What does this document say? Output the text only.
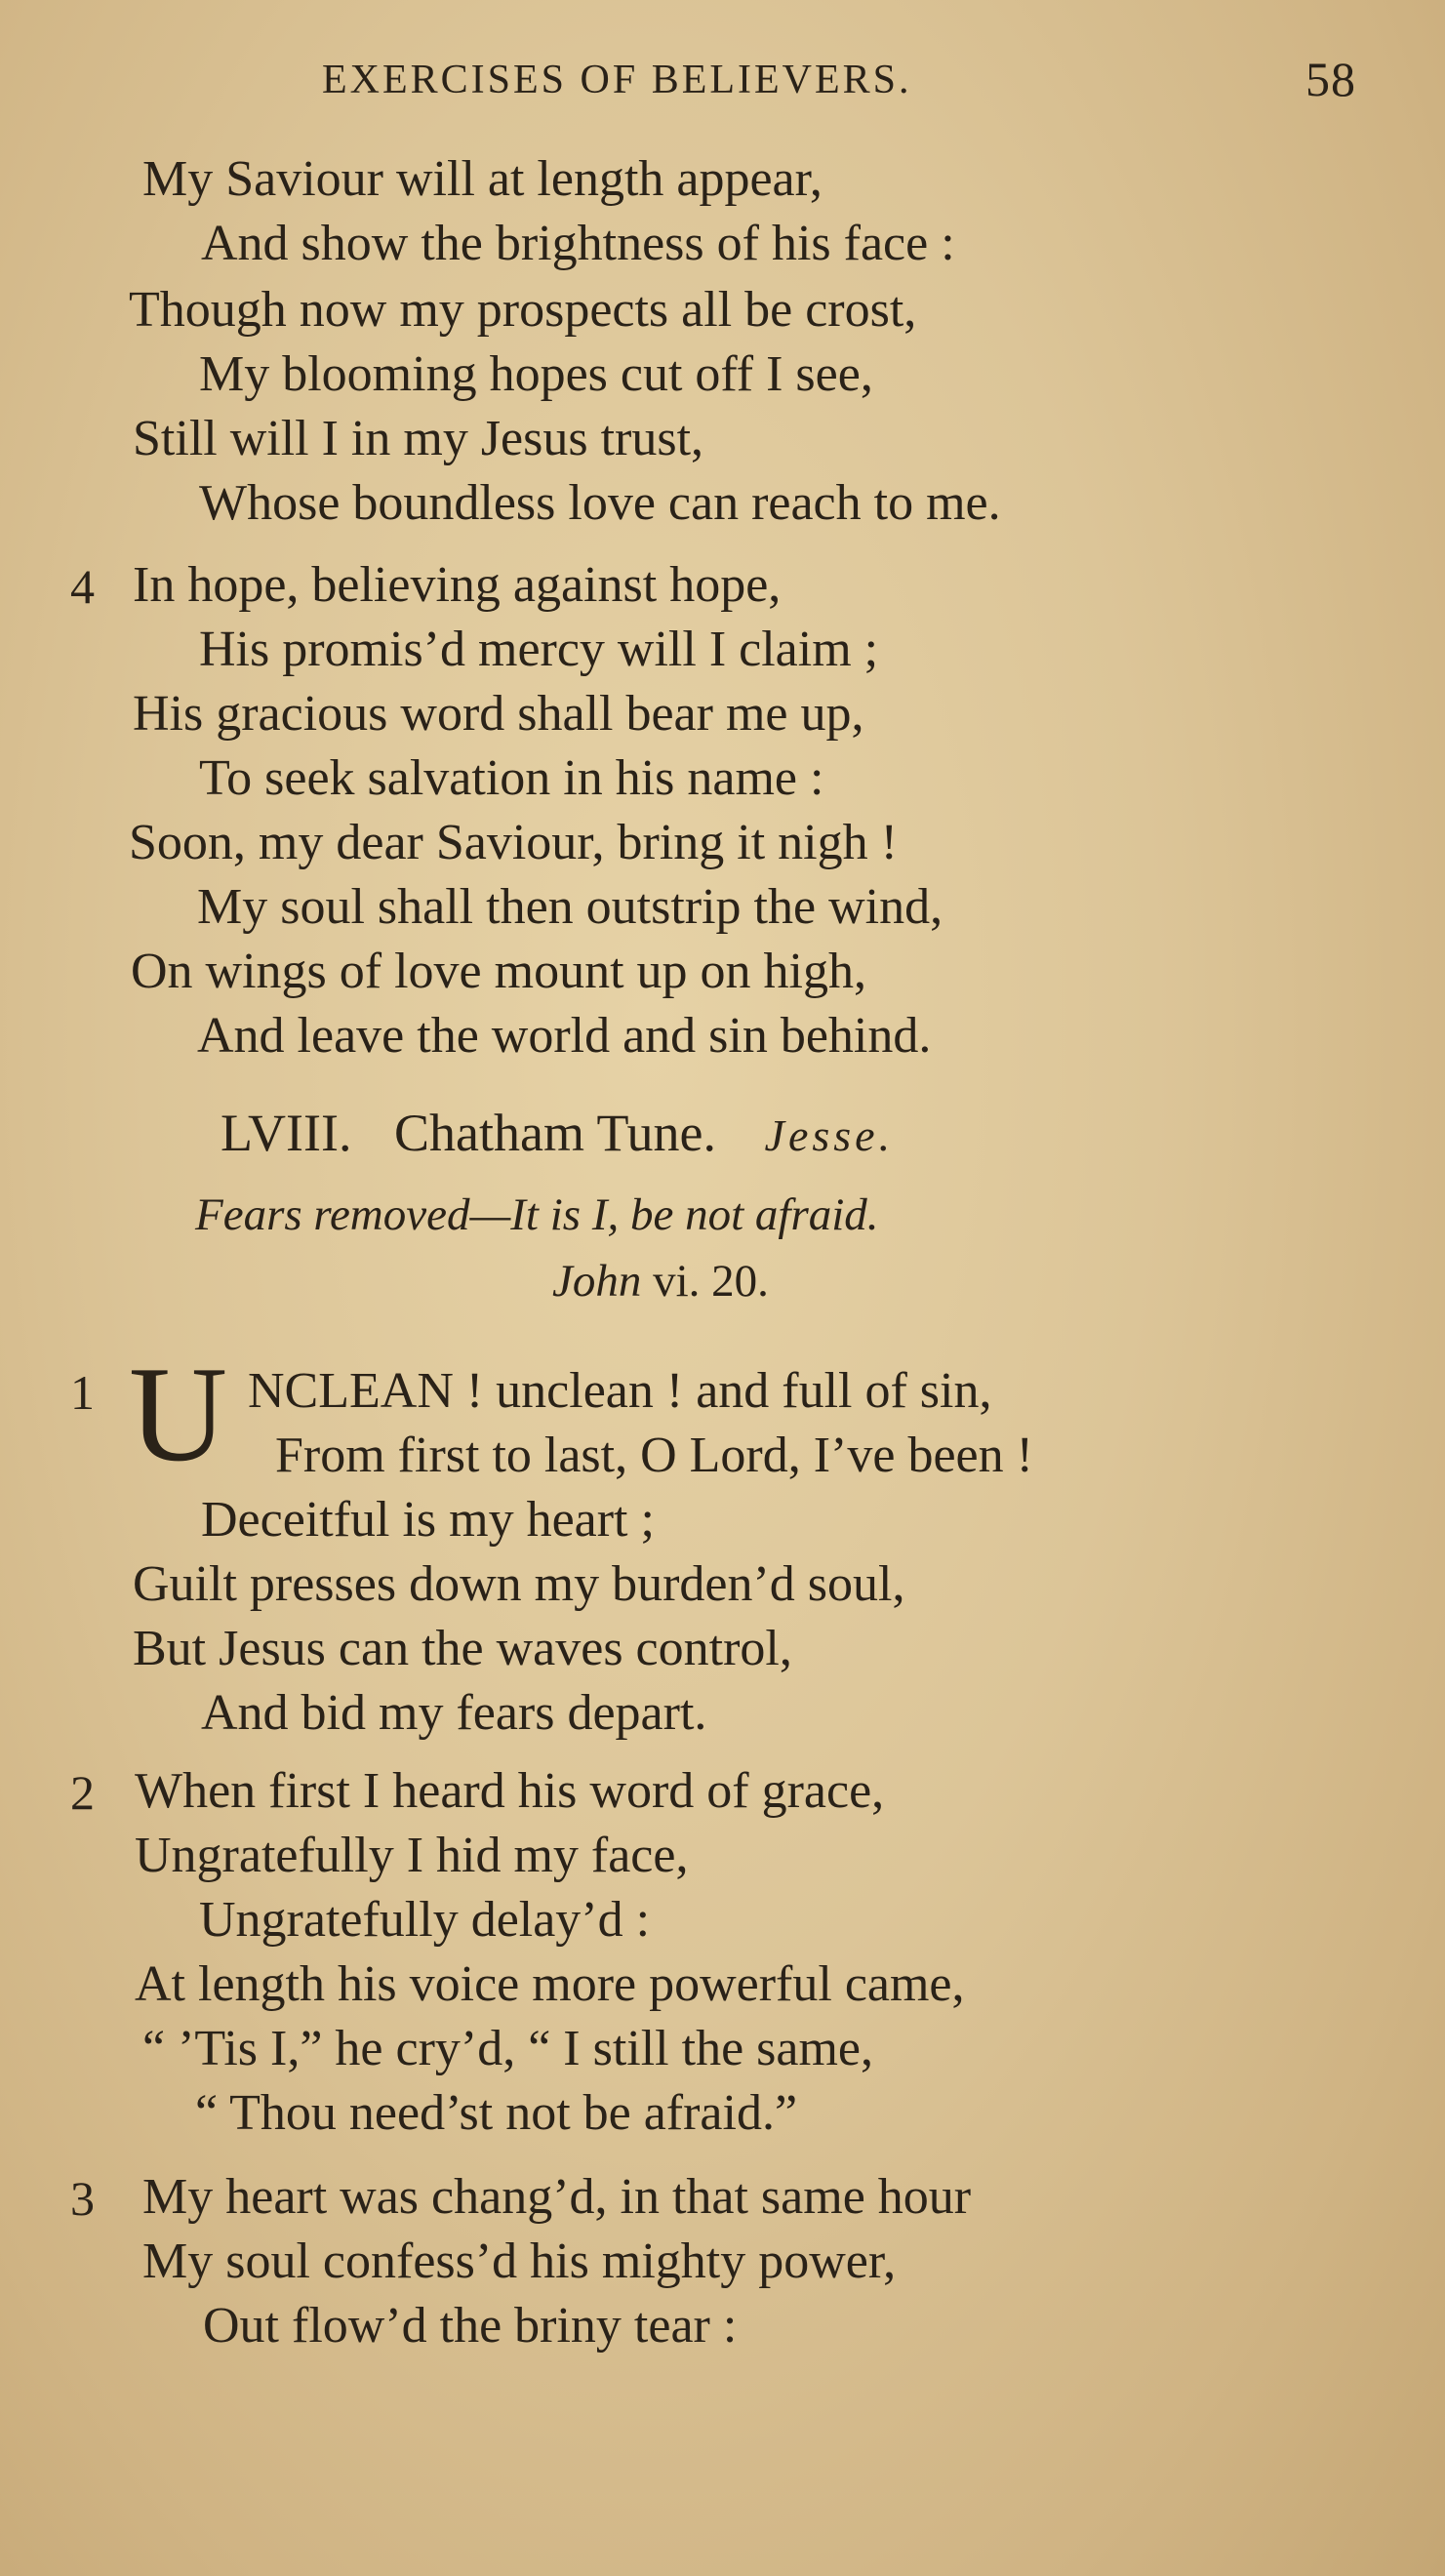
EXERCISES OF BELIEVERS.	58
My Saviour will at length appear,
And show the brightness of his face :
Though now my prospects all be crost,
My blooming hopes cut off I see,
Still will I in my Jesus trust,
Whose boundless love can reach to me.
4 In hope, believing against hope,
His promis’d mercy will I claim ;
His gracious word shall bear me up,
To seek salvation in his name :
Soon, my dear Saviour, bring it nigh !
My soul shall then outstrip the wind,
On wings of love mount up on high,
And leave the world and sin behind.
LVIII. Chatham Tune. Jesse.
Fears removed—It is I, be not afraid.
John vi. 20.
1 U NCLEAN ! unclean ! and full of sin,
From first to last, O Lord, I’ve been !
Deceitful is my heart ;
Guilt presses down my burden’d soul,
But Jesus can the waves control,
And bid my fears depart.
2 When first I heard his word of grace,
Ungratefully I hid my face,
Ungratefully delay’d :
At length his voice more powerful came,
“ ’Tis I,” he cry’d, “ I still the same,
“ Thou need’st not be afraid.”
3 My heart was chang’d, in that same hour
My soul confess’d his mighty power,
Out flow’d the briny tear :
